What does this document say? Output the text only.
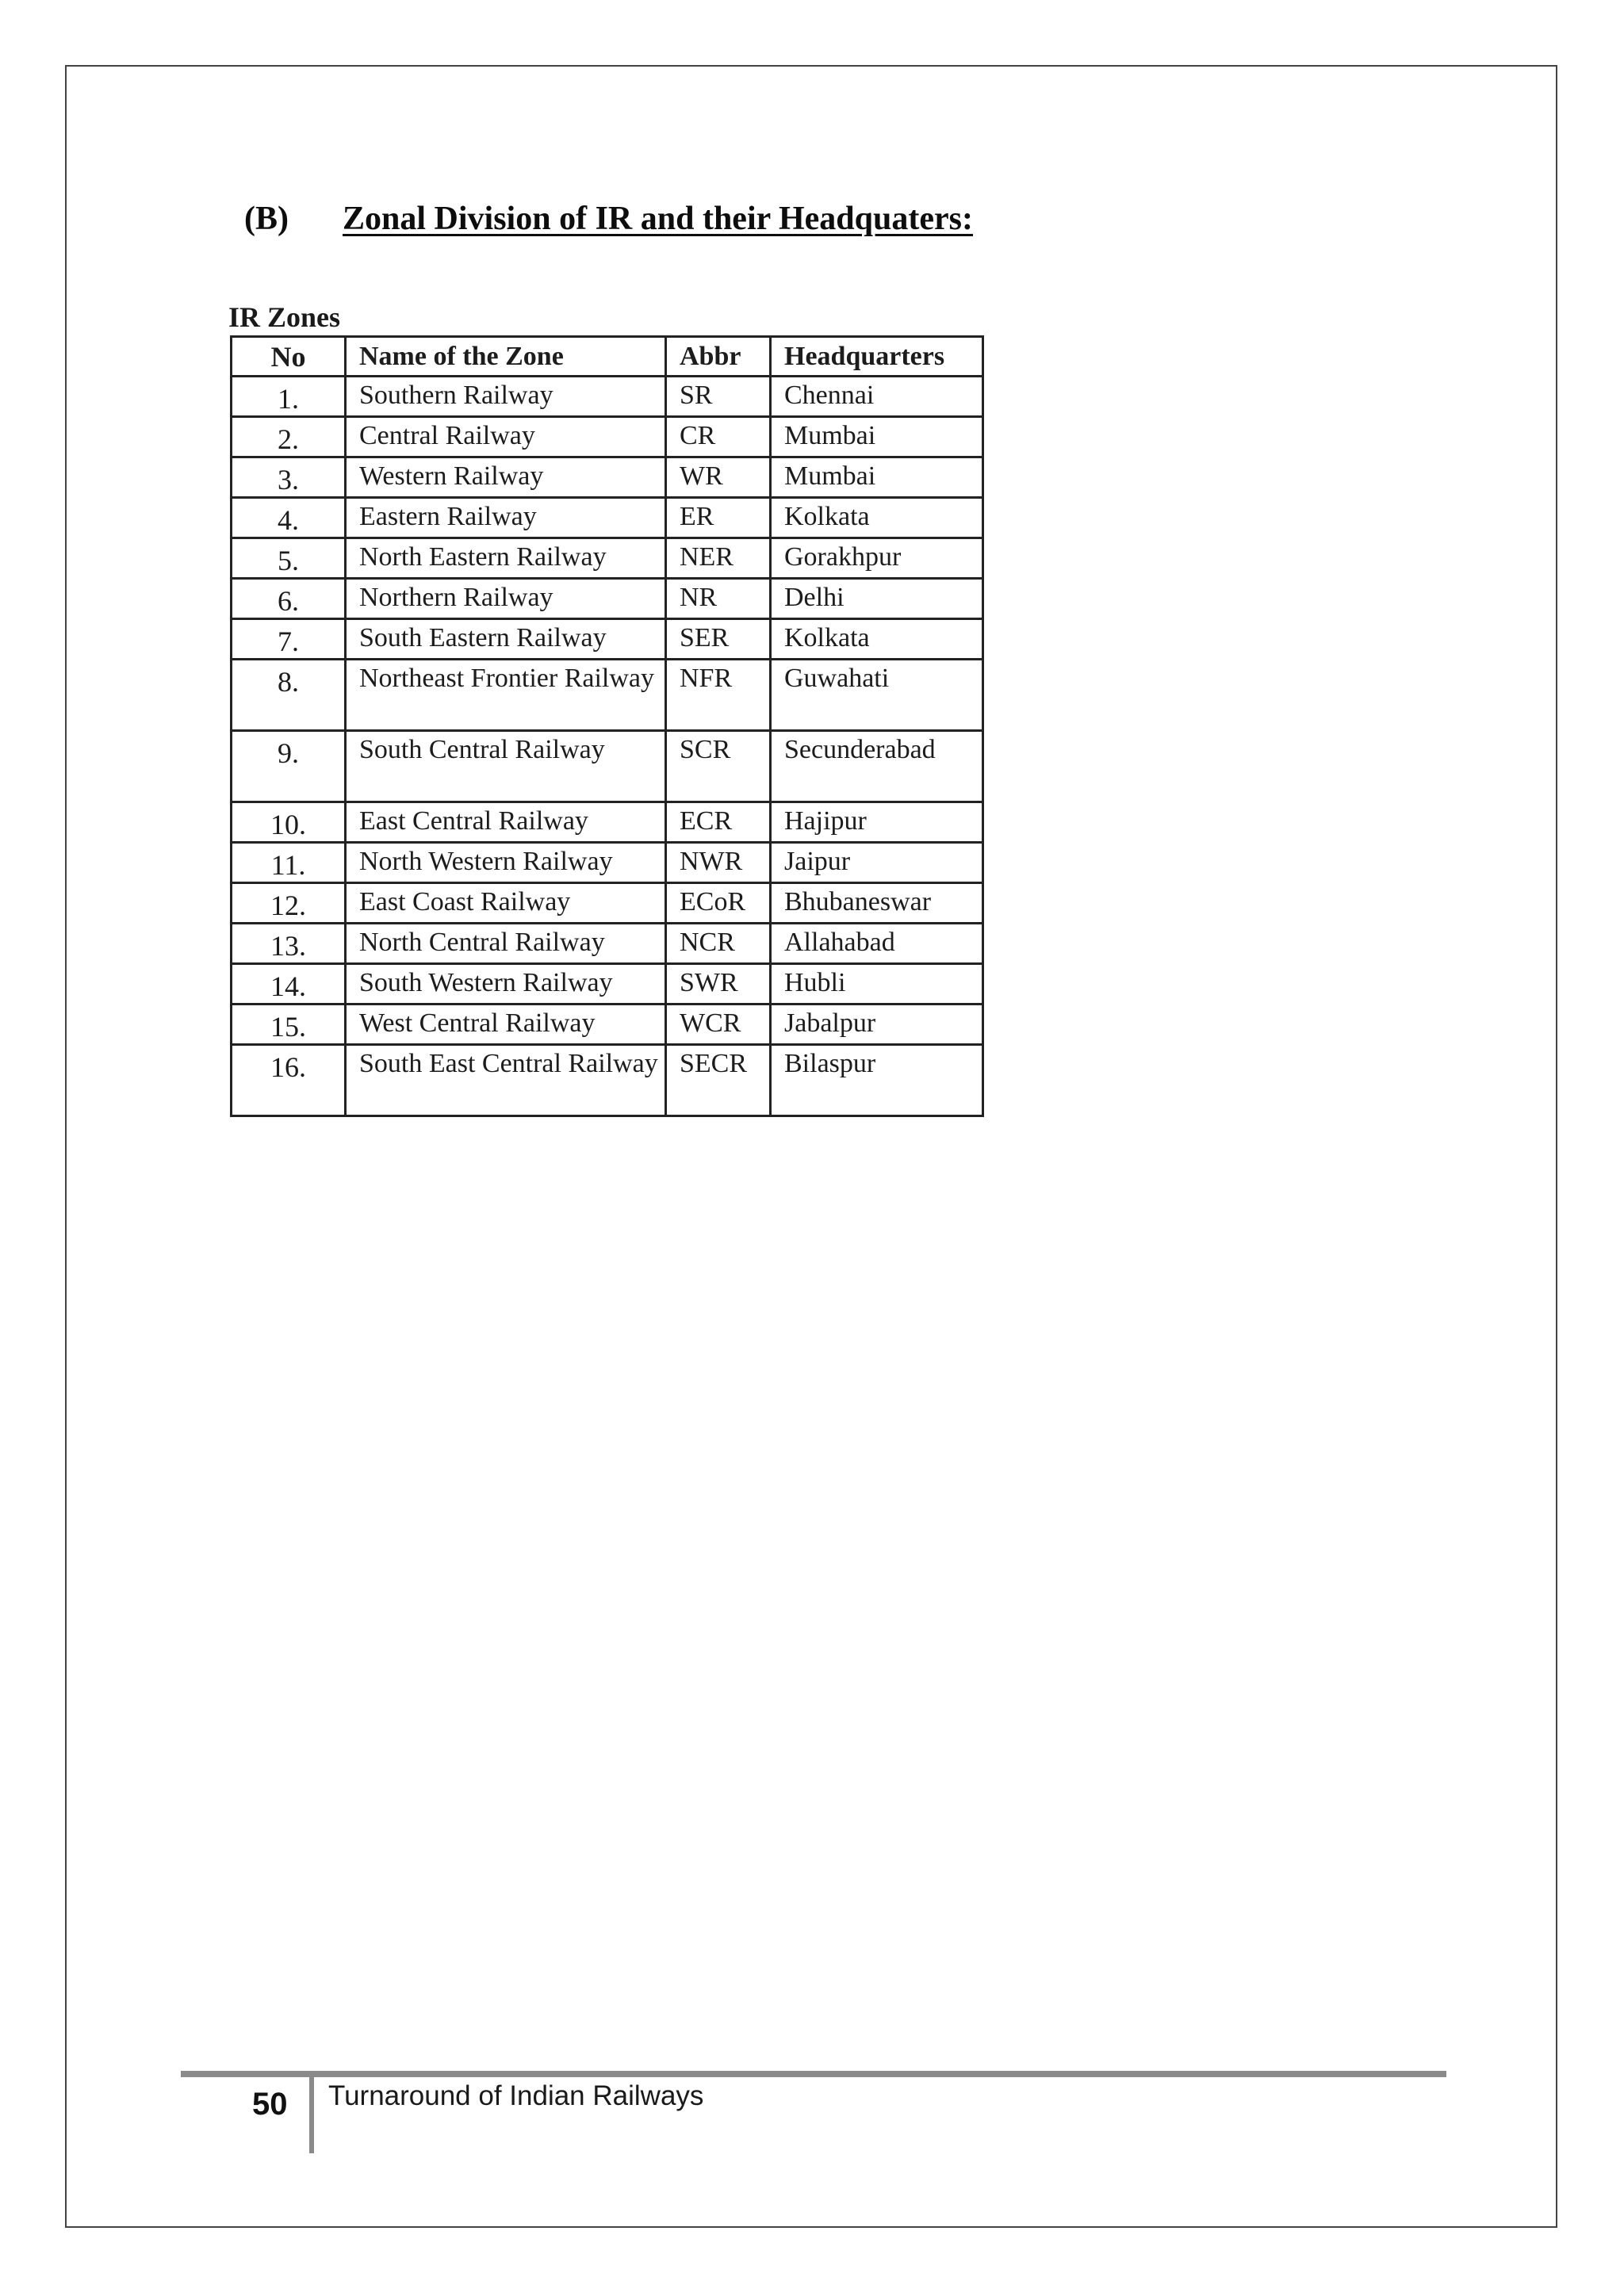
(B) Zonal Division of IR and their Headquaters:
IR Zones
No	Name of the Zone	Abbr	Headquarters
1.	Southern Railway	SR	Chennai
2.	Central Railway	CR	Mumbai
3.	Western Railway	WR	Mumbai
4.	Eastern Railway	ER	Kolkata
5.	North Eastern Railway	NER	Gorakhpur
6.	Northern Railway	NR	Delhi
7.	South Eastern Railway	SER	Kolkata
8.	Northeast Frontier Railway	NFR	Guwahati
9.	South Central Railway	SCR	Secunderabad
10.	East Central Railway	ECR	Hajipur
11.	North Western Railway	NWR	Jaipur
12.	East Coast Railway	ECoR	Bhubaneswar
13.	North Central Railway	NCR	Allahabad
14.	South Western Railway	SWR	Hubli
15.	West Central Railway	WCR	Jabalpur
16.	South East Central Railway	SECR	Bilaspur
50	Turnaround of Indian Railways
